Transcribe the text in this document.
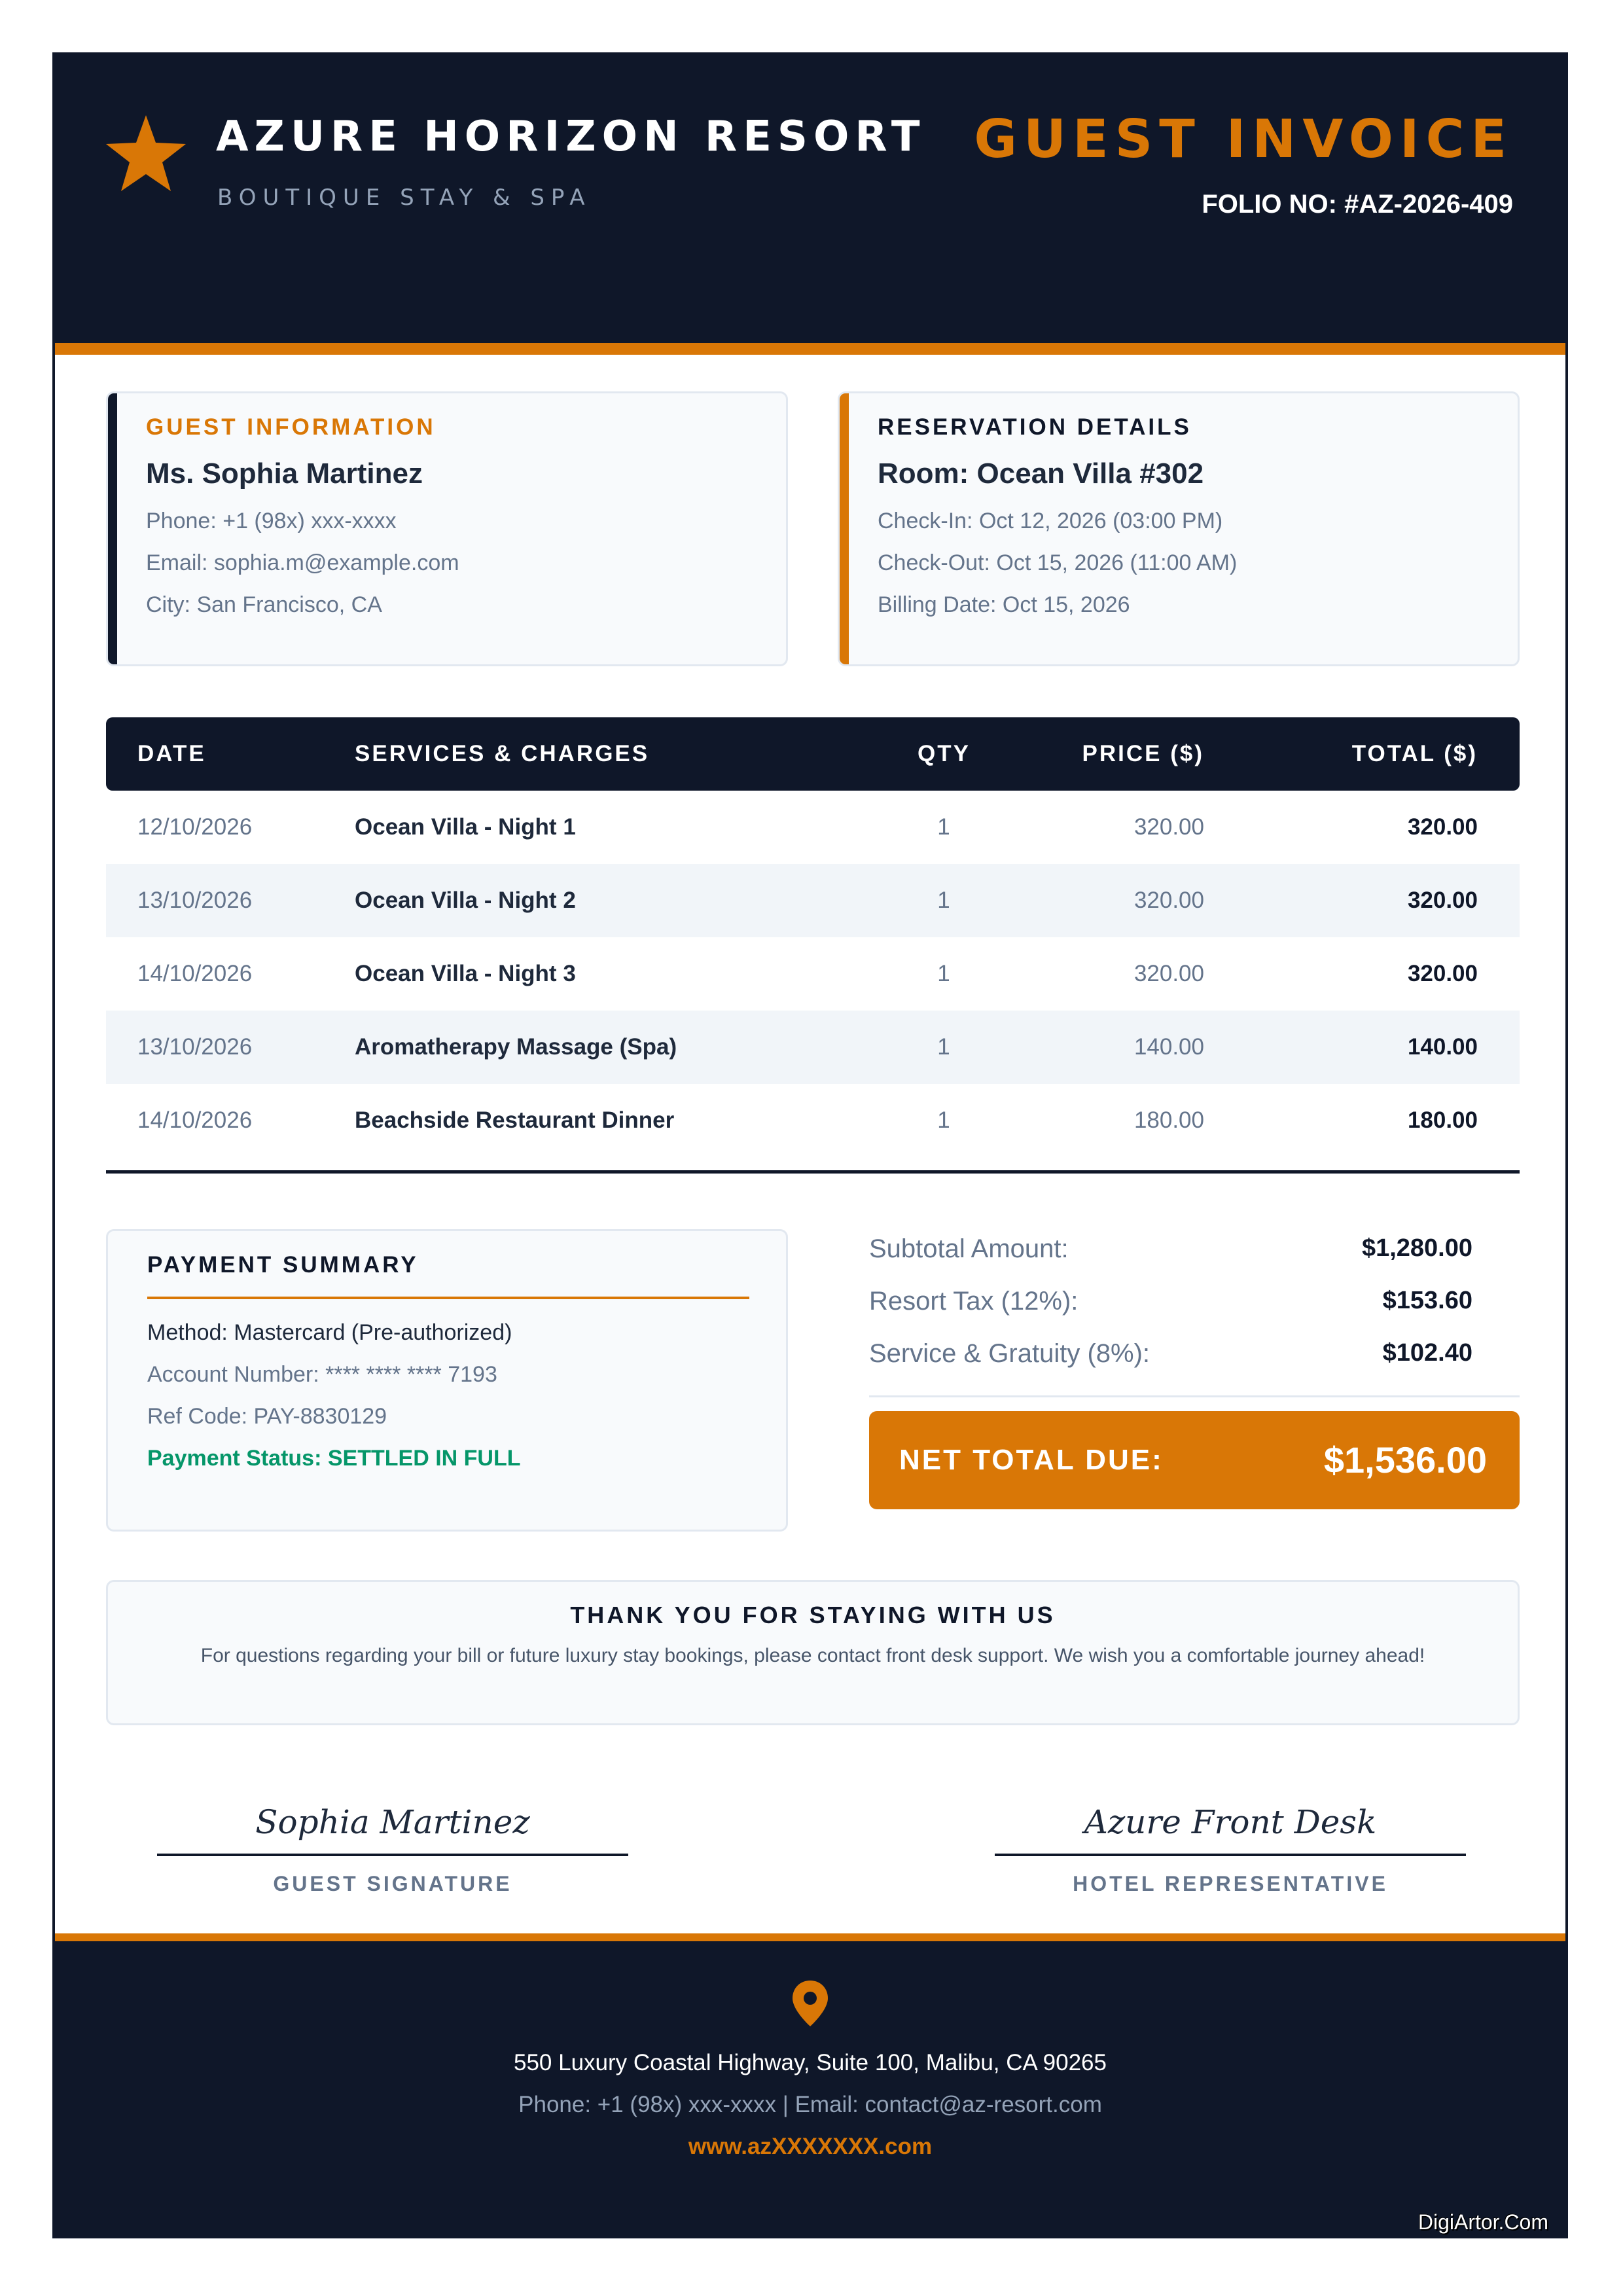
AZURE HORIZON RESORT
BOUTIQUE STAY & SPA
GUEST INVOICE
FOLIO NO: #AZ-2026-409
GUEST INFORMATION
Ms. Sophia Martinez
Phone: +1 (98x) xxx-xxxx
Email: sophia.m@example.com
City: San Francisco, CA
RESERVATION DETAILS
Room: Ocean Villa #302
Check-In: Oct 12, 2026 (03:00 PM)
Check-Out: Oct 15, 2026 (11:00 AM)
Billing Date: Oct 15, 2026
DATE	SERVICES & CHARGES	QTY	PRICE ($)	TOTAL ($)
12/10/2026	Ocean Villa - Night 1	1	320.00	320.00
13/10/2026	Ocean Villa - Night 2	1	320.00	320.00
14/10/2026	Ocean Villa - Night 3	1	320.00	320.00
13/10/2026	Aromatherapy Massage (Spa)	1	140.00	140.00
14/10/2026	Beachside Restaurant Dinner	1	180.00	180.00
PAYMENT SUMMARY
Method: Mastercard (Pre-authorized)
Account Number: **** **** **** 7193
Ref Code: PAY-8830129
Payment Status: SETTLED IN FULL
Subtotal Amount:	$1,280.00
Resort Tax (12%):	$153.60
Service & Gratuity (8%):	$102.40
NET TOTAL DUE:	$1,536.00
THANK YOU FOR STAYING WITH US
For questions regarding your bill or future luxury stay bookings, please contact front desk support. We wish you a comfortable journey ahead!
Sophia Martinez
GUEST SIGNATURE
Azure Front Desk
HOTEL REPRESENTATIVE
550 Luxury Coastal Highway, Suite 100, Malibu, CA 90265
Phone: +1 (98x) xxx-xxxx | Email: contact@az-resort.com
www.azXXXXXXX.com
DigiArtor.Com
